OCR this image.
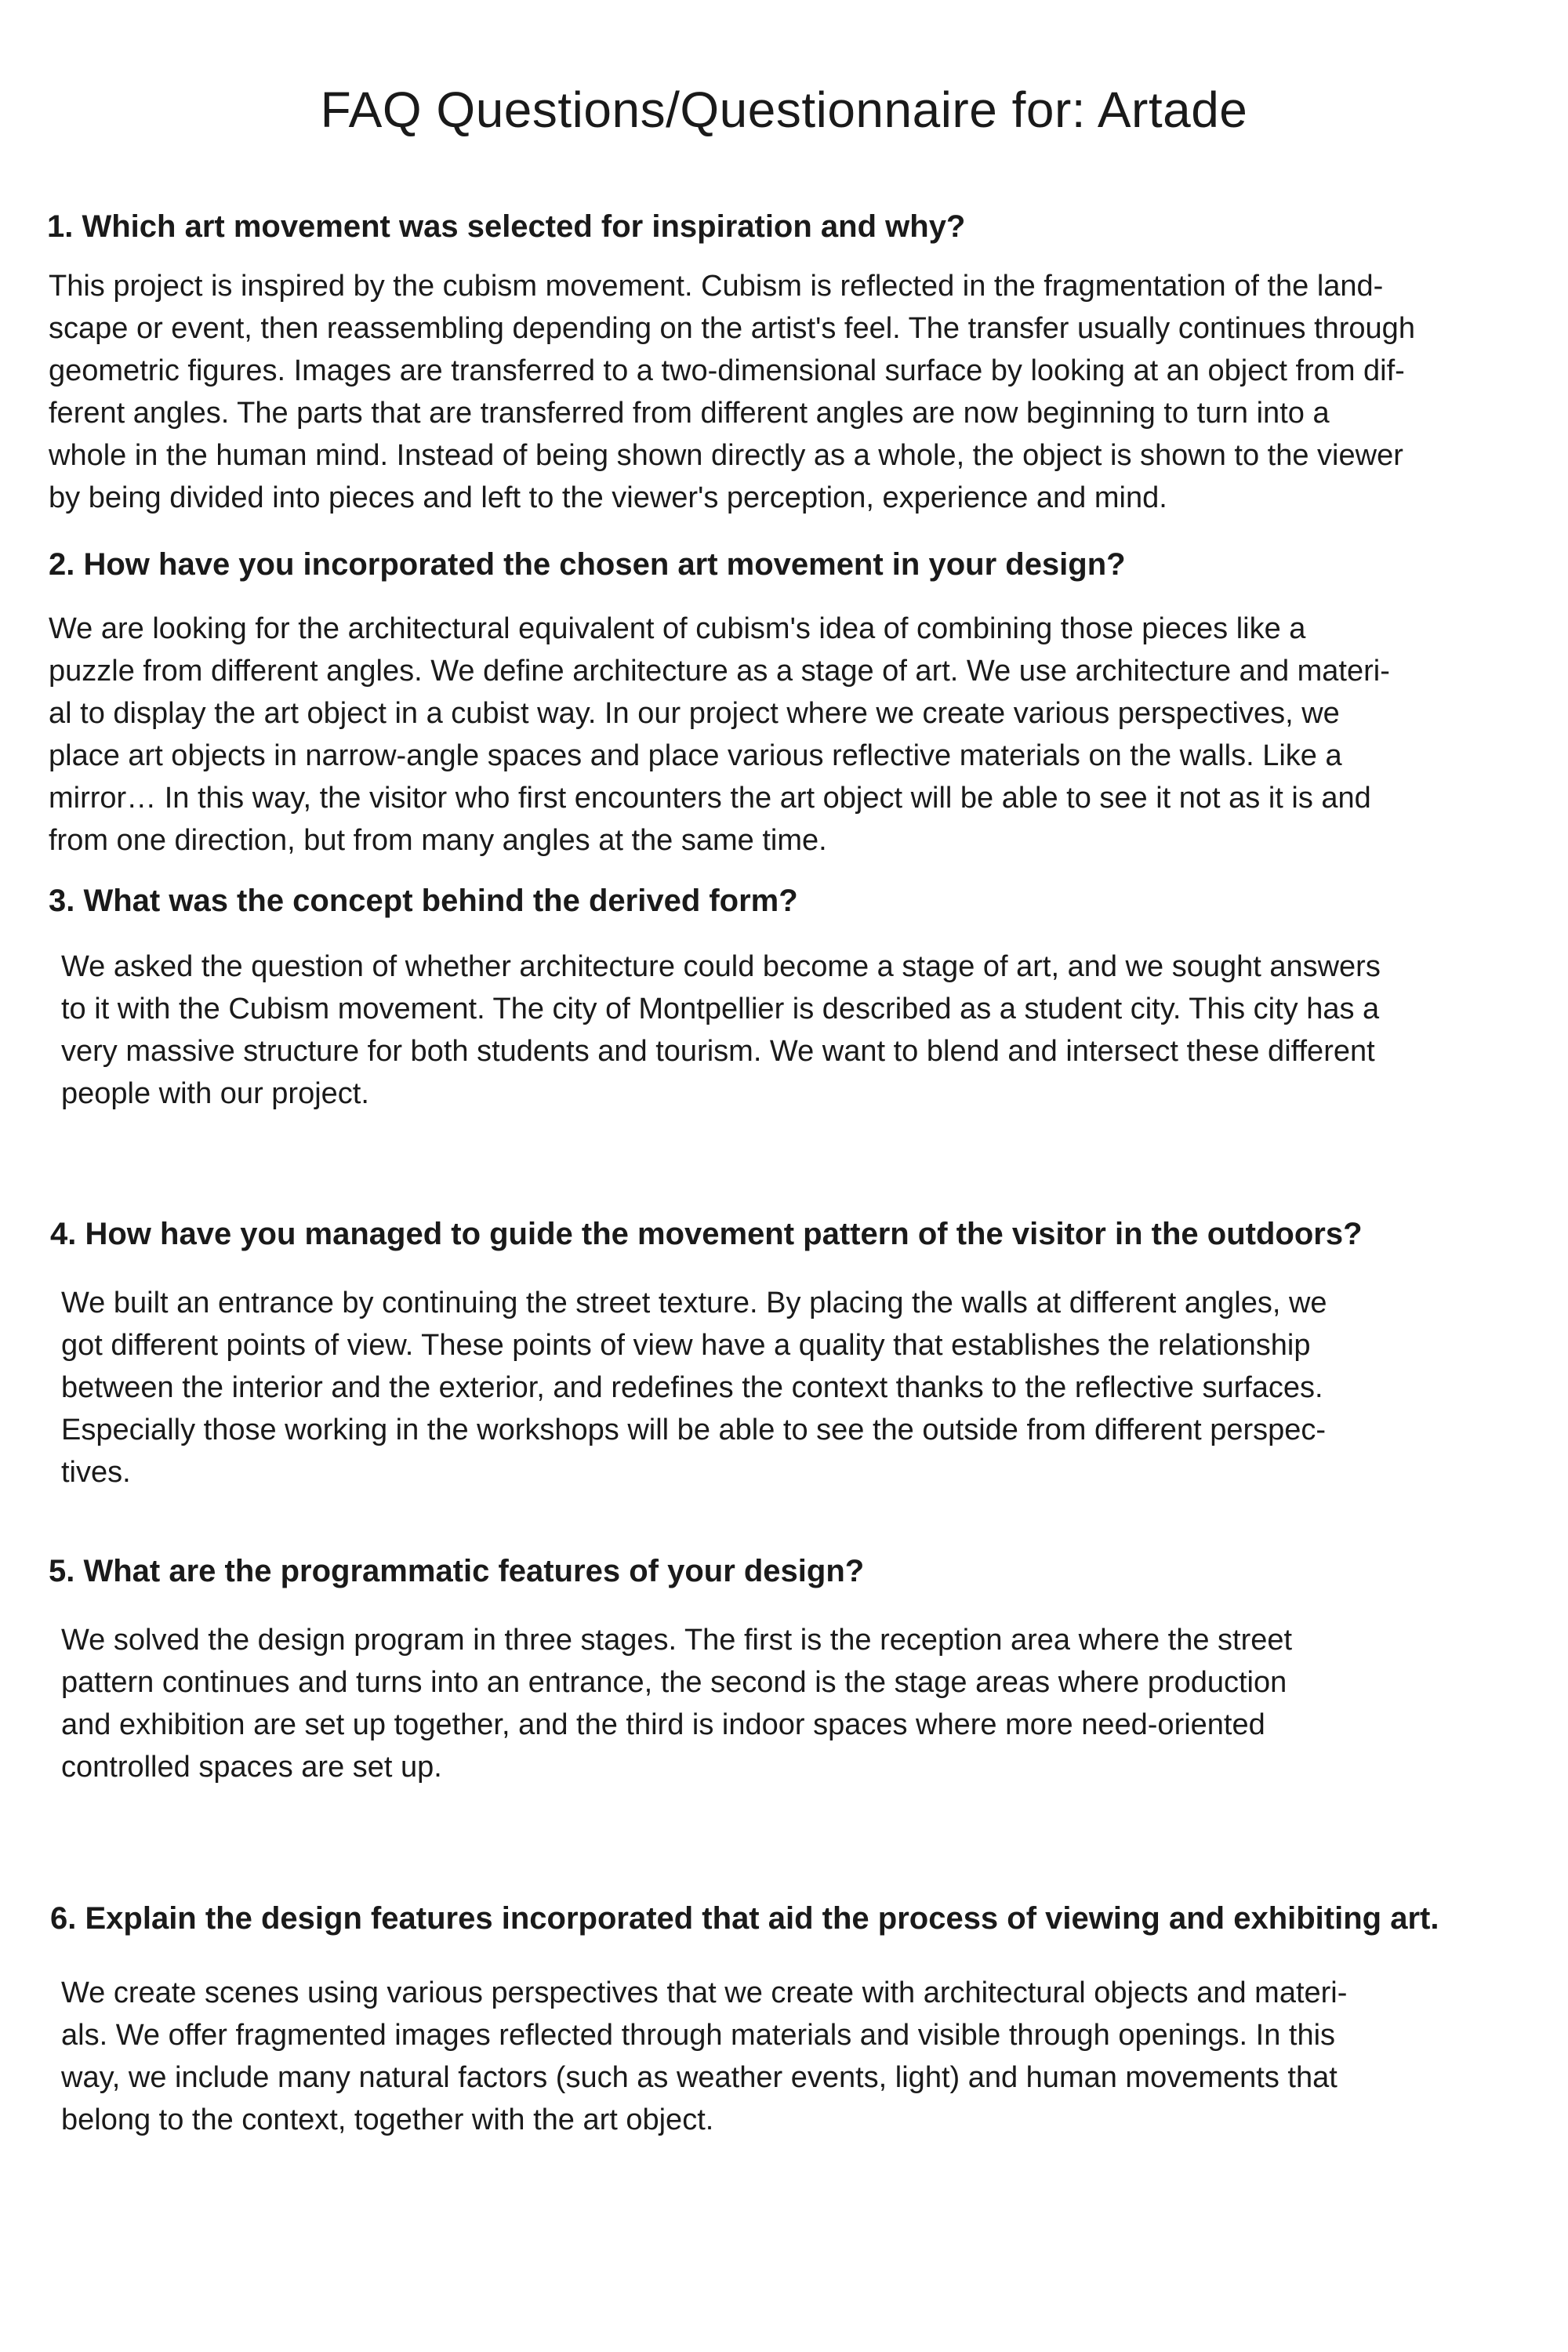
FAQ Questions/Questionnaire for: Artade
1. Which art movement was selected for inspiration and why?
This project is inspired by the cubism movement. Cubism is reflected in the fragmentation of the land-
scape or event, then reassembling depending on the artist's feel. The transfer usually continues through
geometric figures. Images are transferred to a two-dimensional surface by looking at an object from dif-
ferent angles. The parts that are transferred from different angles are now beginning to turn into a
whole in the human mind. Instead of being shown directly as a whole, the object is shown to the viewer
by being divided into pieces and left to the viewer's perception, experience and mind.
2. How have you incorporated the chosen art movement in your design?
We are looking for the architectural equivalent of cubism's idea of combining those pieces like a
puzzle from different angles. We define architecture as a stage of art. We use architecture and materi-
al to display the art object in a cubist way. In our project where we create various perspectives, we
place art objects in narrow-angle spaces and place various reflective materials on the walls. Like a
mirror… In this way, the visitor who first encounters the art object will be able to see it not as it is and
from one direction, but from many angles at the same time.
3. What was the concept behind the derived form?
We asked the question of whether architecture could become a stage of art, and we sought answers
to it with the Cubism movement. The city of Montpellier is described as a student city. This city has a
very massive structure for both students and tourism. We want to blend and intersect these different
people with our project.
4. How have you managed to guide the movement pattern of the visitor in the outdoors?
We built an entrance by continuing the street texture. By placing the walls at different angles, we
got different points of view. These points of view have a quality that establishes the relationship
between the interior and the exterior, and redefines the context thanks to the reflective surfaces.
Especially those working in the workshops will be able to see the outside from different perspec-
tives.
5. What are the programmatic features of your design?
We solved the design program in three stages. The first is the reception area where the street
pattern continues and turns into an entrance, the second is the stage areas where production
and exhibition are set up together, and the third is indoor spaces where more need-oriented
controlled spaces are set up.
6. Explain the design features incorporated that aid the process of viewing and exhibiting art.
We create scenes using various perspectives that we create with architectural objects and materi-
als. We offer fragmented images reflected through materials and visible through openings. In this
way, we include many natural factors (such as weather events, light) and human movements that
belong to the context, together with the art object.
